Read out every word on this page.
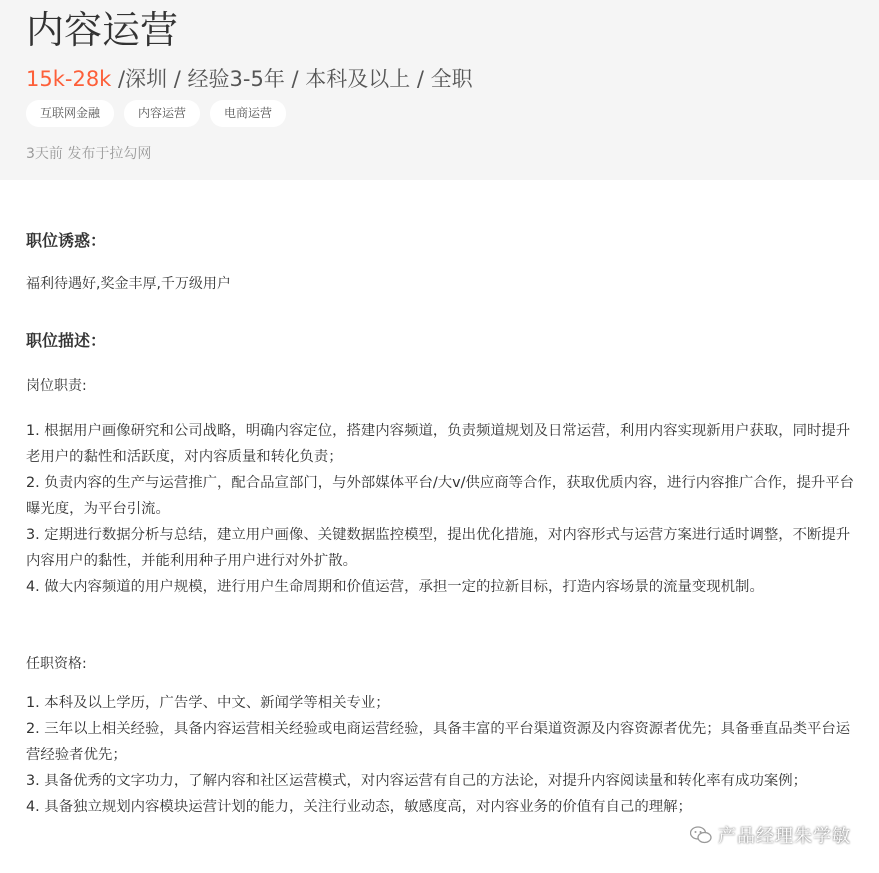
内容运营
15k-28k /深圳 / 经验3-5年 / 本科及以上 / 全职
互联网金融	内容运营	电商运营
3天前 发布于拉勾网
职位诱惑：

福利待遇好,奖金丰厚,千万级用户

职位描述：

岗位职责:

1. 根据用户画像研究和公司战略，明确内容定位，搭建内容频道，负责频道规划及日常运营，利用内容实现新用户获取，同时提升老用户的黏性和活跃度，对内容质量和转化负责；

2. 负责内容的生产与运营推广，配合品宣部门，与外部媒体平台/大v/供应商等合作，获取优质内容，进行内容推广合作，提升平台曝光度，为平台引流。

3. 定期进行数据分析与总结，建立用户画像、关键数据监控模型，提出优化措施，对内容形式与运营方案进行适时调整，不断提升内容用户的黏性，并能利用种子用户进行对外扩散。

4. 做大内容频道的用户规模，进行用户生命周期和价值运营，承担一定的拉新目标，打造内容场景的流量变现机制。

任职资格:

1. 本科及以上学历，广告学、中文、新闻学等相关专业；

2. 三年以上相关经验，具备内容运营相关经验或电商运营经验，具备丰富的平台渠道资源及内容资源者优先；具备垂直品类平台运营经验者优先；

3. 具备优秀的文字功力，了解内容和社区运营模式，对内容运营有自己的方法论，对提升内容阅读量和转化率有成功案例；

4. 具备独立规划内容模块运营计划的能力，关注行业动态，敏感度高，对内容业务的价值有自己的理解；

产品经理朱学敏
